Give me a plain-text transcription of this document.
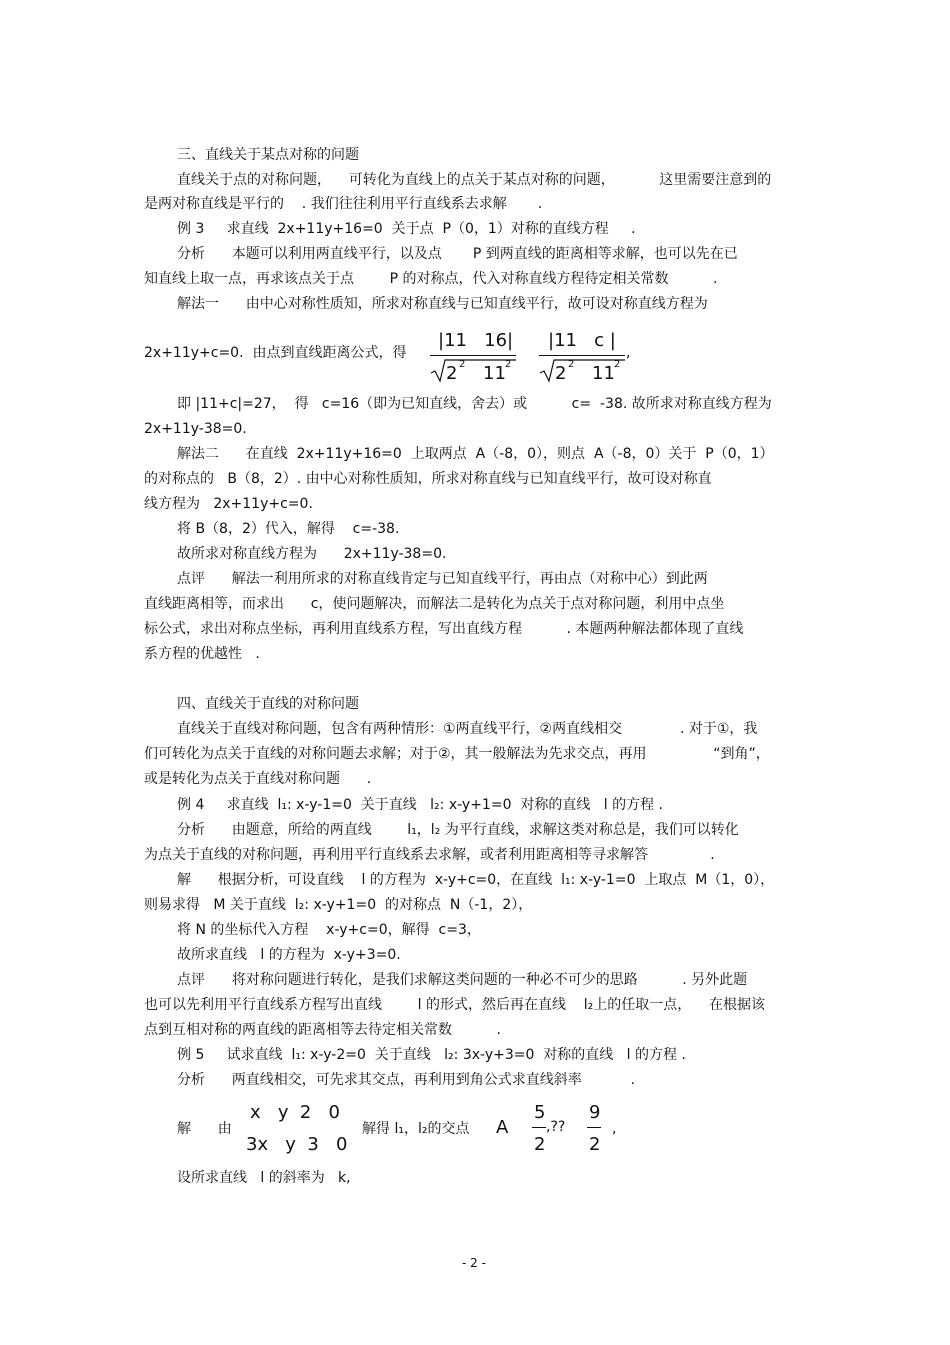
三、直线关于某点对称的问题
直线关于点的对称问题，    可转化为直线上的点关于某点对称的问题，          这里需要注意到的
是两对称直线是平行的    . 我们往往利用平行直线系去求解       .
例 3     求直线  2x+11y+16=0  关于点  P（0，1）对称的直线方程     .
分析      本题可以利用两直线平行，以及点       P 到两直线的距离相等求解，也可以先在已
知直线上取一点，再求该点关于点        P 的对称点，代入对称直线方程待定相关常数          .
解法一      由中心对称性质知，所求对称直线与已知直线平行，故可设对称直线方程为
2x+11y+c=0.  由点到直线距离公式，得
|11   16|
2 2 11 2
|11   c |
2 2 11 2
,
即 |11+c|=27，  得   c=16（即为已知直线，舍去）或          c=  -38. 故所求对称直线方程为
2x+11y-38=0.
解法二      在直线  2x+11y+16=0  上取两点  A（-8，0），则点  A（-8，0）关于  P（0，1）
的对称点的   B（8，2）. 由中心对称性质知，所求对称直线与已知直线平行，故可设对称直
线方程为   2x+11y+c=0.
将 B（8，2）代入，解得    c=-38.
故所求对称直线方程为      2x+11y-38=0.
点评      解法一利用所求的对称直线肯定与已知直线平行，再由点（对称中心）到此两
直线距离相等，而求出      c，使问题解决，而解法二是转化为点关于点对称问题，利用中点坐
标公式，求出对称点坐标，再利用直线系方程，写出直线方程          . 本题两种解法都体现了直线
系方程的优越性   .
四、直线关于直线的对称问题
直线关于直线对称问题，包含有两种情形：①两直线平行，②两直线相交             . 对于①，我
们可转化为点关于直线的对称问题去求解；对于②，其一般解法为先求交点，再用               “到角”，
或是转化为点关于直线对称问题      .
例 4     求直线  l₁: x-y-1=0  关于直线   l₂: x-y+1=0  对称的直线   l 的方程 .
分析      由题意，所给的两直线        l₁，l₂ 为平行直线，求解这类对称总是，我们可以转化
为点关于直线的对称问题，再利用平行直线系去求解，或者利用距离相等寻求解答              .
解      根据分析，可设直线    l 的方程为  x-y+c=0，在直线  l₁: x-y-1=0  上取点  M（1，0），
则易求得   M 关于直线  l₂: x-y+1=0  的对称点  N（-1，2），
将 N 的坐标代入方程    x-y+c=0，解得  c=3，
故所求直线   l 的方程为  x-y+3=0.
点评      将对称问题进行转化，是我们求解这类问题的一种必不可少的思路          . 另外此题
也可以先利用平行直线系方程写出直线        l 的形式，然后再在直线    l₂上的任取一点，    在根据该
点到互相对称的两直线的距离相等去待定相关常数          .
例 5     试求直线  l₁: x-y-2=0  关于直线   l₂: 3x-y+3=0  对称的直线   l 的方程 .
分析      两直线相交，可先求其交点，再利用到角公式求直线斜率           .
解      由
x   y  2   0
3x   y  3   0
解得 l₁，l₂的交点 A
5
2
,??
9
2
,
设所求直线   l 的斜率为   k,
- 2 -
